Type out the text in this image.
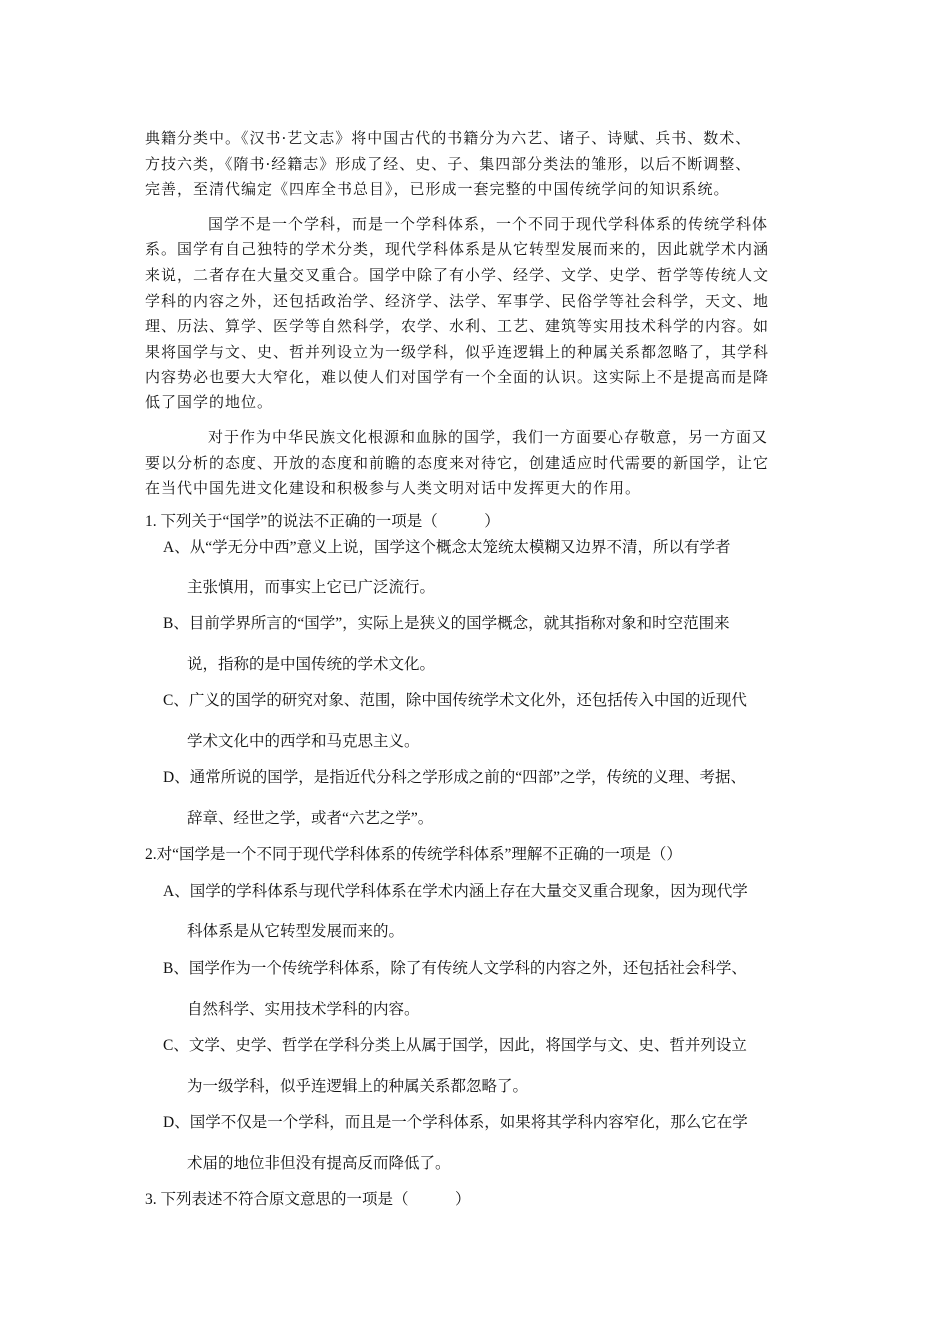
典籍分类中。《汉书·艺文志》将中国古代的书籍分为六艺、诸子、诗赋、兵书、数术、

方技六类，《隋书·经籍志》形成了经、史、子、集四部分类法的雏形，以后不断调整、

完善，至清代编定《四库全书总目》，已形成一套完整的中国传统学问的知识系统。

国学不是一个学科，而是一个学科体系，一个不同于现代学科体系的传统学科体

系。国学有自己独特的学术分类，现代学科体系是从它转型发展而来的，因此就学术内涵

来说，二者存在大量交叉重合。国学中除了有小学、经学、文学、史学、哲学等传统人文

学科的内容之外，还包括政治学、经济学、法学、军事学、民俗学等社会科学，天文、地

理、历法、算学、医学等自然科学，农学、水利、工艺、建筑等实用技术科学的内容。如

果将国学与文、史、哲并列设立为一级学科，似乎连逻辑上的种属关系都忽略了，其学科

内容势必也要大大窄化，难以使人们对国学有一个全面的认识。这实际上不是提高而是降

低了国学的地位。

对于作为中华民族文化根源和血脉的国学，我们一方面要心存敬意，另一方面又

要以分析的态度、开放的态度和前瞻的态度来对待它，创建适应时代需要的新国学，让它

在当代中国先进文化建设和积极参与人类文明对话中发挥更大的作用。

1. 下列关于“国学”的说法不正确的一项是（　　　）

A、从“学无分中西”意义上说，国学这个概念太笼统太模糊又边界不清，所以有学者

主张慎用，而事实上它已广泛流行。

B、目前学界所言的“国学”，实际上是狭义的国学概念，就其指称对象和时空范围来

说，指称的是中国传统的学术文化。

C、广义的国学的研究对象、范围，除中国传统学术文化外，还包括传入中国的近现代

学术文化中的西学和马克思主义。

D、通常所说的国学，是指近代分科之学形成之前的“四部”之学，传统的义理、考据、

辞章、经世之学，或者“六艺之学”。

2.对“国学是一个不同于现代学科体系的传统学科体系”理解不正确的一项是（）

A、国学的学科体系与现代学科体系在学术内涵上存在大量交叉重合现象，因为现代学

科体系是从它转型发展而来的。

B、国学作为一个传统学科体系，除了有传统人文学科的内容之外，还包括社会科学、

自然科学、实用技术学科的内容。

C、文学、史学、哲学在学科分类上从属于国学，因此，将国学与文、史、哲并列设立

为一级学科，似乎连逻辑上的种属关系都忽略了。

D、国学不仅是一个学科，而且是一个学科体系，如果将其学科内容窄化，那么它在学

术届的地位非但没有提高反而降低了。

3. 下列表述不符合原文意思的一项是（　　　）
